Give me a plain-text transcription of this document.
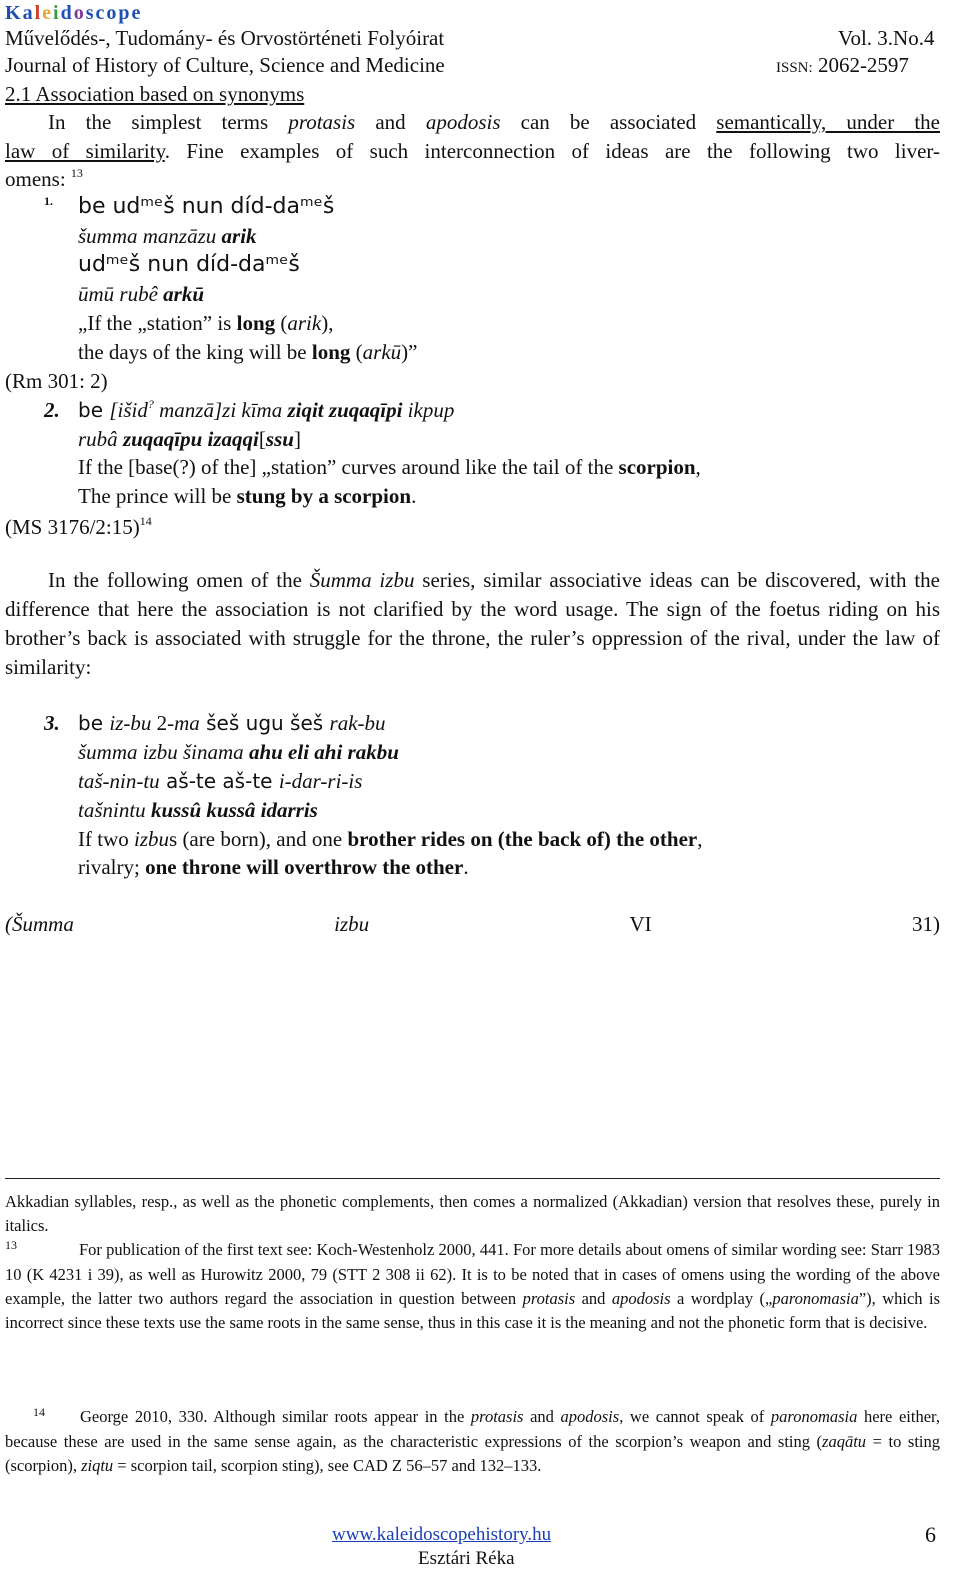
Kaleidoscope
Művelődés-, Tudomány- és Orvostörténeti Folyóirat	Vol. 3.No.4
Journal of History of Culture, Science and Medicine	ISSN: 2062-2597
2.1 Association based on synonyms
In the simplest terms protasis and apodosis can be associated semantically, under the
law of similarity. Fine examples of such interconnection of ideas are the following two liver-
omens: $^{13}$
1. be udᵐᵉš nun díd-daᵐᵉš
šumma manzāzu arik
udᵐᵉš nun díd-daᵐᵉš
ūmū rubê arkū
„If the „station” is long (arik),
the days of the king will be long (arkū)”
(Rm 301: 2)
2. be [išid? manzā]zi kīma ziqit zuqaqīpi ikpup
rubâ zuqaqīpu izaqqi[ssu]
If the [base(?) of the] „station” curves around like the tail of the scorpion,
The prince will be stung by a scorpion.
(MS 3176/2:15)$^{14}$
In the following omen of the Šumma izbu series, similar associative ideas can be discovered, with the difference that here the association is not clarified by the word usage. The sign of the foetus riding on his brother’s back is associated with struggle for the throne, the ruler’s oppression of the rival, under the law of similarity:
3. be iz-bu 2-ma šeš ugu šeš rak-bu
šumma izbu šinama ahu eli ahi rakbu
taš-nin-tu aš-te aš-te i-dar-ri-is
tašnintu kussû kussâ idarris
If two izbus (are born), and one brother rides on (the back of) the other,
rivalry; one throne will overthrow the other.
(Šumma	izbu	VI	31)
Akkadian syllables, resp., as well as the phonetic complements, then comes a normalized (Akkadian) version that resolves these, purely in italics.
$^{13}$	For publication of the first text see: Koch-Westenholz 2000, 441. For more details about omens of similar wording see: Starr 1983 10 (K 4231 i 39), as well as Hurowitz 2000, 79 (STT 2 308 ii 62). It is to be noted that in cases of omens using the wording of the above example, the latter two authors regard the association in question between protasis and apodosis a wordplay („paronomasia”), which is incorrect since these texts use the same roots in the same sense, thus in this case it is the meaning and not the phonetic form that is decisive.
$^{14}$ George 2010, 330. Although similar roots appear in the protasis and apodosis, we cannot speak of paronomasia here either, because these are used in the same sense again, as the characteristic expressions of the scorpion’s weapon and sting (zaqātu = to sting (scorpion), ziqtu = scorpion tail, scorpion sting), see CAD Z 56–57 and 132–133.
www.kaleidoscopehistory.hu
Esztári Réka
6
